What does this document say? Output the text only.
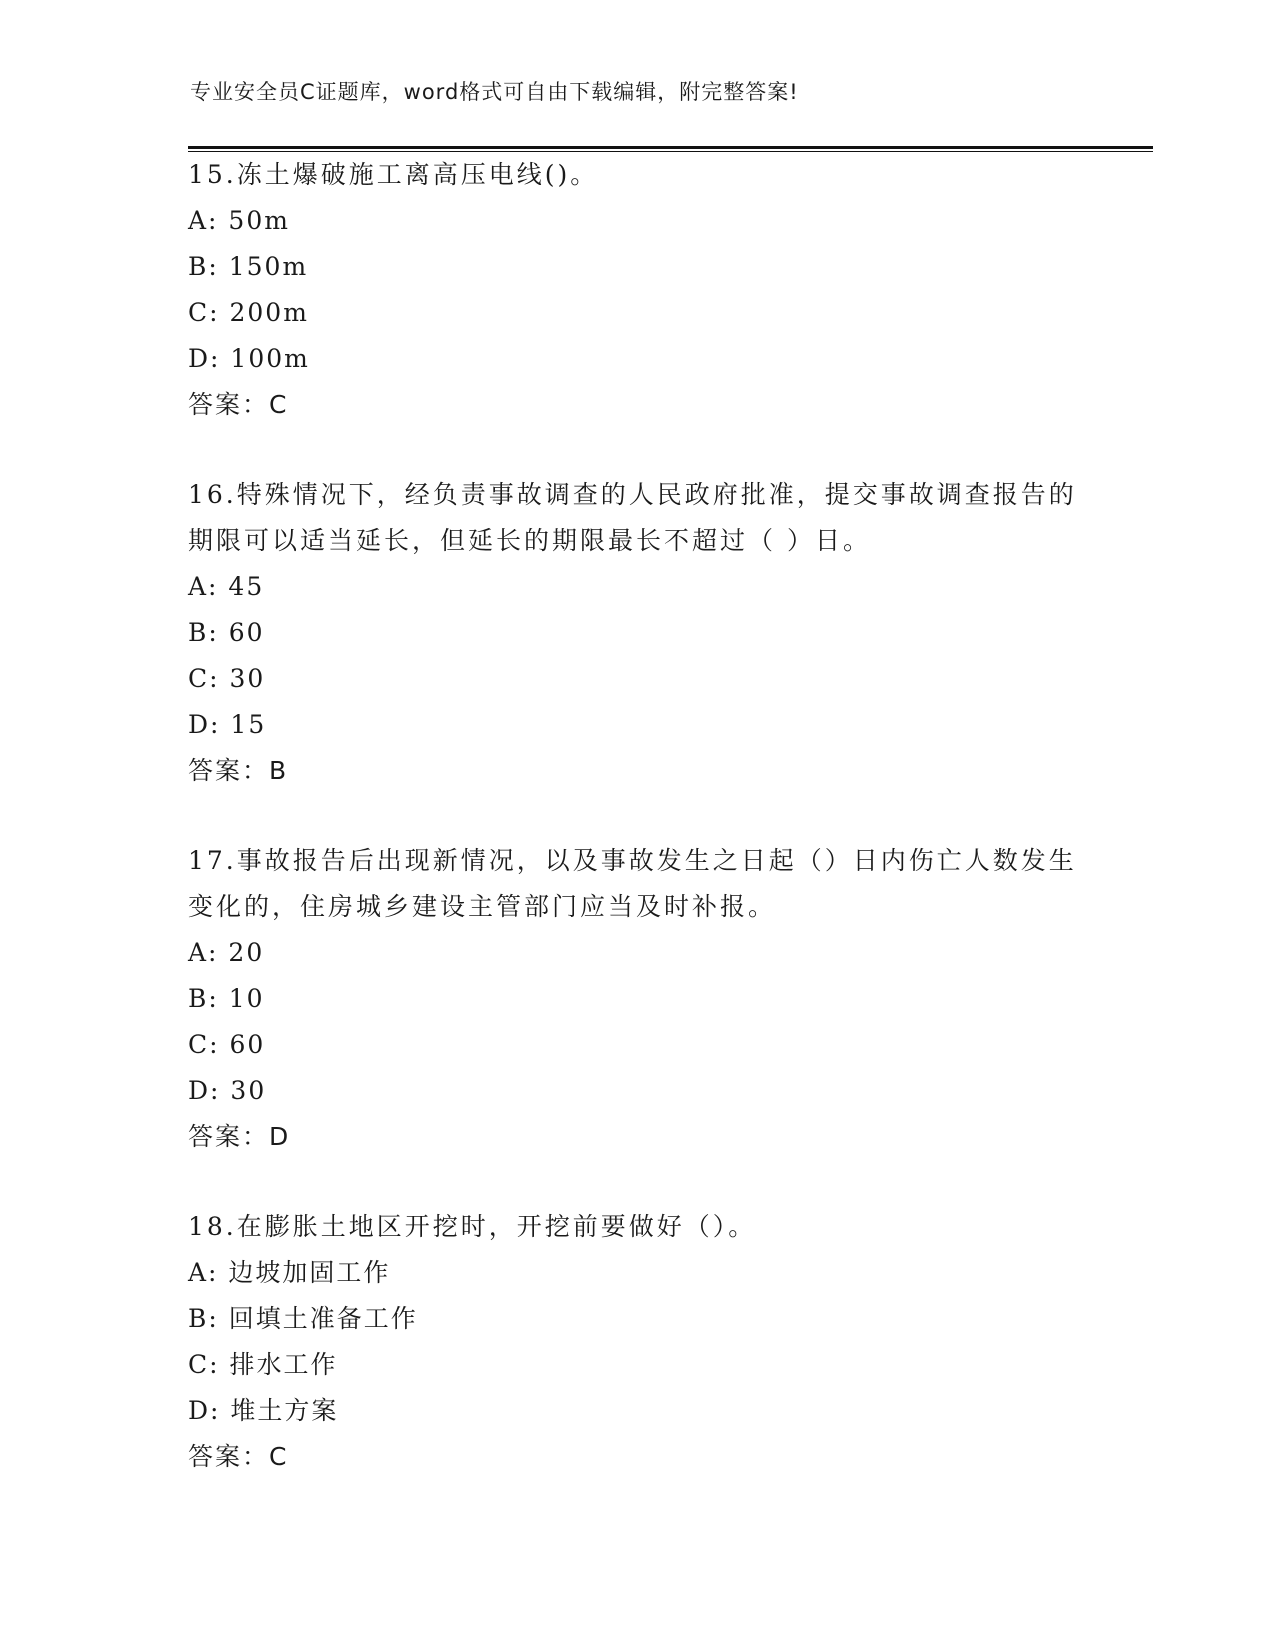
专业安全员C证题库，word格式可自由下载编辑，附完整答案!

15.冻土爆破施工离高压电线()。

A: 50m
B: 150m
C: 200m
D: 100m
答案：C

16.特殊情况下，经负责事故调查的人民政府批准，提交事故调查报告的期限可以适当延长，但延长的期限最长不超过（ ）日。

A: 45
B: 60
C: 30
D: 15
答案：B

17.事故报告后出现新情况，以及事故发生之日起（）日内伤亡人数发生变化的，住房城乡建设主管部门应当及时补报。

A: 20
B: 10
C: 60
D: 30
答案：D

18.在膨胀土地区开挖时，开挖前要做好（）。

A: 边坡加固工作
B: 回填土准备工作
C: 排水工作
D: 堆土方案
答案：C
